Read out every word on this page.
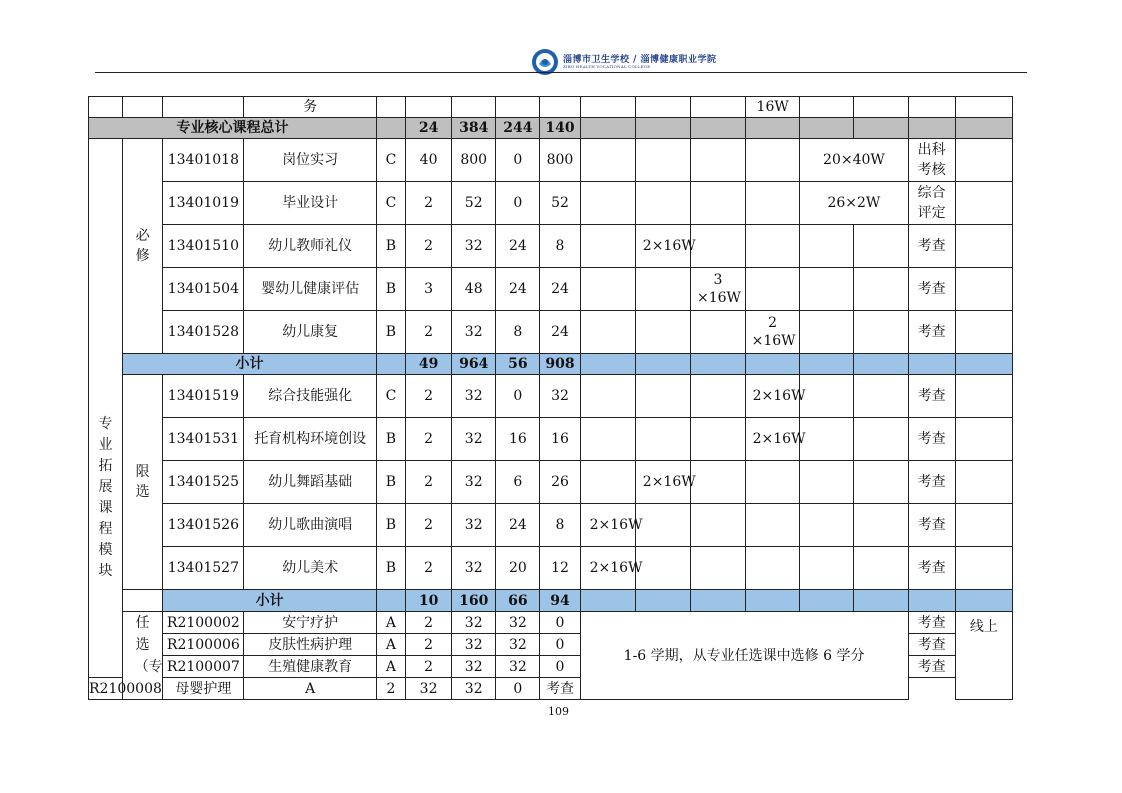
淄博市卫生学校 / 淄博健康职业学院
ZIBO HEALTH VOCATIONAL COLLEGE
			务									16W				
专业核心课程总计					24	384	244	140								
专业拓展课程模块	必修	13401018	岗位实习	C	40	800	0	800					20×40W		出科考核	
		13401019	毕业设计	C	2	52	0	52					26×2W		综合评定	
		13401510	幼儿教师礼仪	B	2	32	24	8		2×16W					考查	
		13401504	婴幼儿健康评估	B	3	48	24	24			3 ×16W				考查	
		13401528	幼儿康复	B	2	32	8	24				2 ×16W			考查	
	小计				49	964	56	908								
	限选	13401519	综合技能强化	C	2	32	0	32				2×16W			考查	
		13401531	托育机构环境创设	B	2	32	16	16				2×16W			考查	
		13401525	幼儿舞蹈基础	B	2	32	6	26		2×16W					考查	
		13401526	幼儿歌曲演唱	B	2	32	24	8	2×16W						考查	
		13401527	幼儿美术	B	2	32	20	12	2×16W						考查	
		小计			10	160	66	94								
	任选（专	R2100002	安宁疗护	A	2	32	32	0	1-6 学期，从专业任选课中选修 6 学分						考查	线上
		R2100006	皮肤性病护理	A	2	32	32	0							考查	
		R2100007	生殖健康教育	A	2	32	32	0							考查	
R2100008		母婴护理	A	2	32	32	0	考查								
109
